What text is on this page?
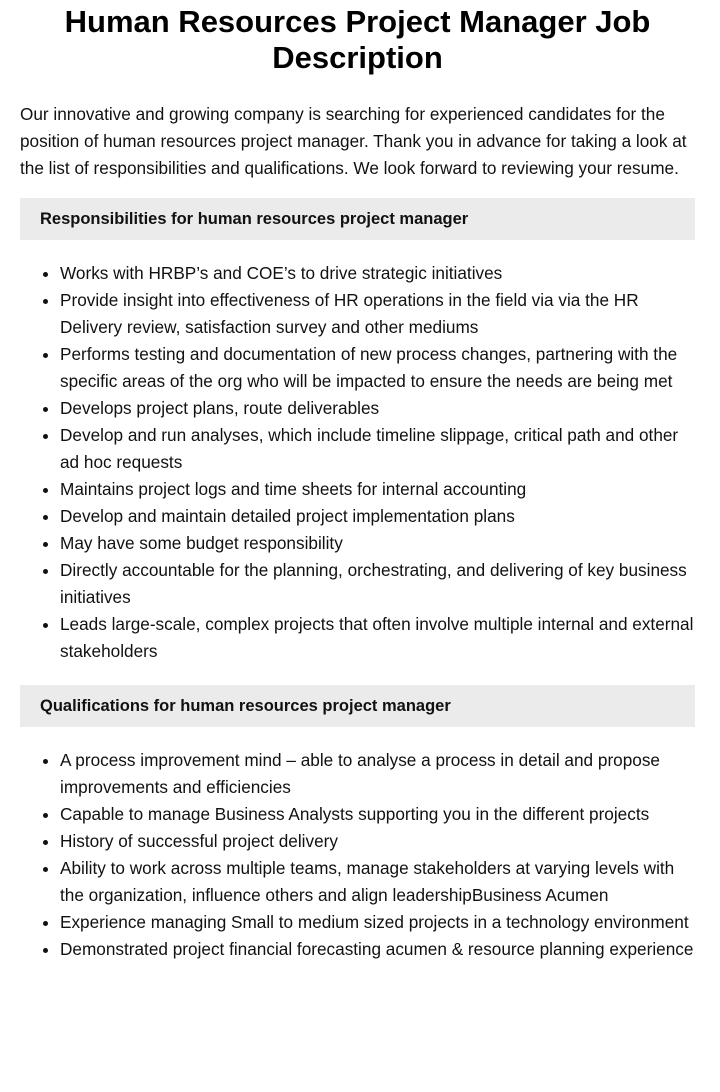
Human Resources Project Manager Job Description

Our innovative and growing company is searching for experienced candidates for the position of human resources project manager. Thank you in advance for taking a look at the list of responsibilities and qualifications. We look forward to reviewing your resume.

Responsibilities for human resources project manager
• Works with HRBP’s and COE’s to drive strategic initiatives
• Provide insight into effectiveness of HR operations in the field via via the HR Delivery review, satisfaction survey and other mediums
• Performs testing and documentation of new process changes, partnering with the specific areas of the org who will be impacted to ensure the needs are being met
• Develops project plans, route deliverables
• Develop and run analyses, which include timeline slippage, critical path and other ad hoc requests
• Maintains project logs and time sheets for internal accounting
• Develop and maintain detailed project implementation plans
• May have some budget responsibility
• Directly accountable for the planning, orchestrating, and delivering of key business initiatives
• Leads large-scale, complex projects that often involve multiple internal and external stakeholders
Qualifications for human resources project manager
• A process improvement mind – able to analyse a process in detail and propose improvements and efficiencies
• Capable to manage Business Analysts supporting you in the different projects
• History of successful project delivery
• Ability to work across multiple teams, manage stakeholders at varying levels with the organization, influence others and align leadershipBusiness Acumen
• Experience managing Small to medium sized projects in a technology environment
• Demonstrated project financial forecasting acumen & resource planning experience
